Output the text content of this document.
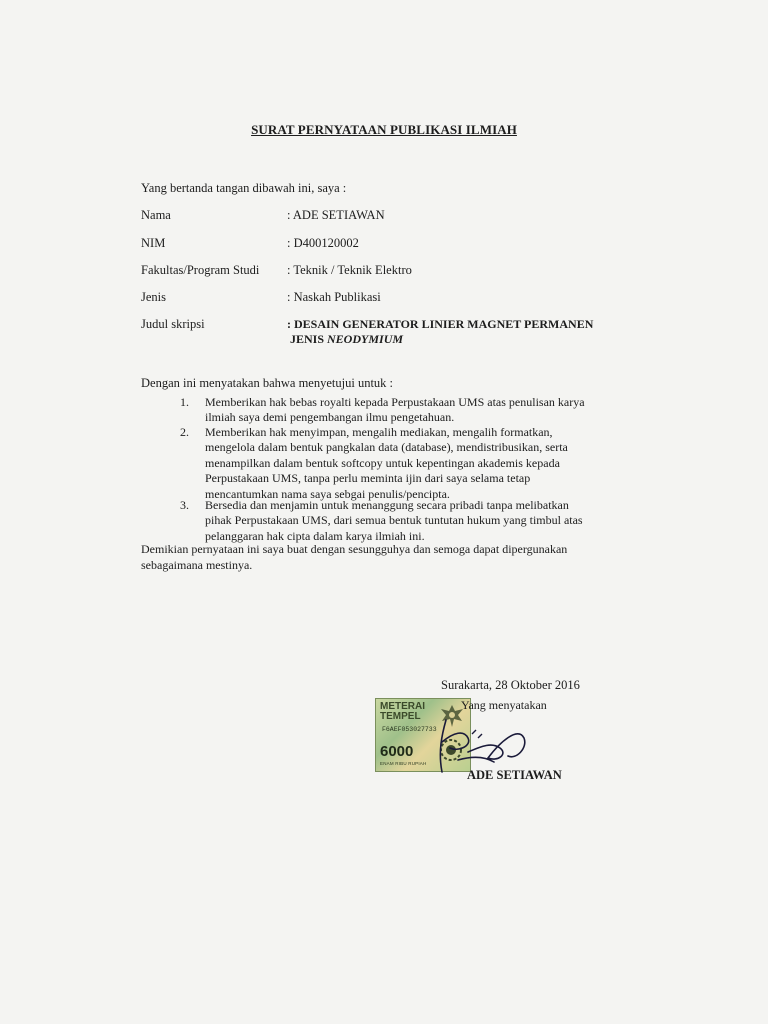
SURAT PERNYATAAN PUBLIKASI ILMIAH
Yang bertanda tangan dibawah ini, saya :
Nama	: ADE SETIAWAN
NIM	: D400120002
Fakultas/Program Studi : Teknik / Teknik Elektro
Jenis	: Naskah Publikasi
Judul skripsi	: DESAIN GENERATOR LINIER MAGNET PERMANEN
JENIS NEODYMIUM
Dengan ini menyatakan bahwa menyetujui untuk :
1.	Memberikan hak bebas royalti kepada Perpustakaan UMS atas penulisan karya
ilmiah saya demi pengembangan ilmu pengetahuan.
2.	Memberikan hak menyimpan, mengalih mediakan, mengalih formatkan,
mengelola dalam bentuk pangkalan data (database), mendistribusikan, serta
menampilkan dalam bentuk softcopy untuk kepentingan akademis kepada
Perpustakaan UMS, tanpa perlu meminta ijin dari saya selama tetap
mencantumkan nama saya sebgai penulis/pencipta.
3.	Bersedia dan menjamin untuk menanggung secara pribadi tanpa melibatkan
pihak Perpustakaan UMS, dari semua bentuk tuntutan hukum yang timbul atas
pelanggaran hak cipta dalam karya ilmiah ini.
Demikian pernyataan ini saya buat dengan sesungguhya dan semoga dapat dipergunakan
sebagaimana mestinya.
Surakarta, 28 Oktober 2016
METERAI
TEMPEL
F6AEF053027733
6000
ENAM RIBU RUPIAH
Yang menyatakan
ADE SETIAWAN
